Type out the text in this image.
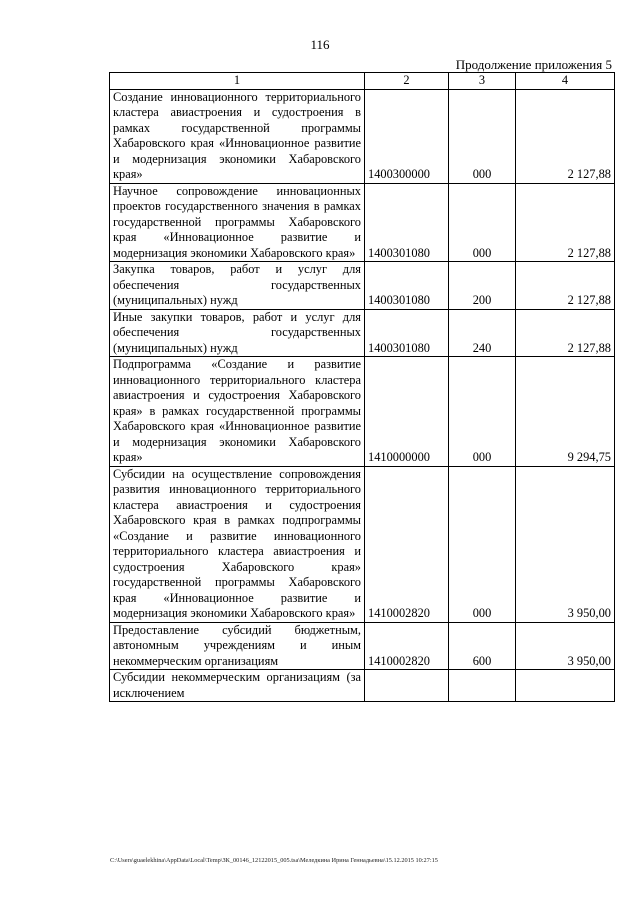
116
Продолжение приложения 5
1	2	3	4
Создание инновационного территориального кластера авиастроения и судостроения в рамках государственной программы Хабаровского края «Инновационное развитие и модернизация экономики Хабаровского края»	1400300000	000	2 127,88
Научное сопровождение инновационных проектов государственного значения в рамках государственной программы Хабаровского края «Инновационное развитие и модернизация экономики Хабаровского края»	1400301080	000	2 127,88
Закупка товаров, работ и услуг для обеспечения государственных (муниципальных) нужд	1400301080	200	2 127,88
Иные закупки товаров, работ и услуг для обеспечения государственных (муниципальных) нужд	1400301080	240	2 127,88
Подпрограмма «Создание и развитие инновационного территориального кластера авиастроения и судостроения Хабаровского края» в рамках государственной программы Хабаровского края «Инновационное развитие и модернизация экономики Хабаровского края»	1410000000	000	9 294,75
Субсидии на осуществление сопровождения развития инновационного территориального кластера авиастроения и судостроения Хабаровского края в рамках подпрограммы «Создание и развитие инновационного территориального кластера авиастроения и судостроения Хабаровского края» государственной программы Хабаровского края «Инновационное развитие и модернизация экономики Хабаровского края»	1410002820	000	3 950,00
Предоставление субсидий бюджетным, автономным учреждениям и иным некоммерческим организациям	1410002820	600	3 950,00
Субсидии некоммерческим организациям (за исключением			
C:\Users\guaelekhina\AppData\Local\Temp\ЗК_00146_12122015_005.tsa\Меледкина Ирина Геннадьевна\15.12.2015 10:27:15
